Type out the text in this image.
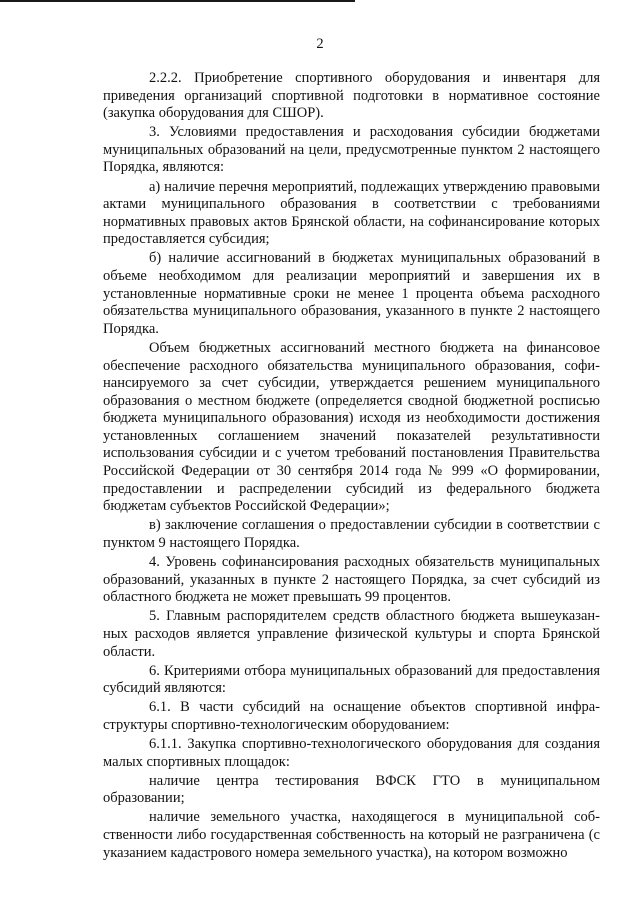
2

2.2.2. Приобретение спортивного оборудования и инвентаря для приведения организаций спортивной подготовки в нормативное состояние (закупка оборудования для СШОР).

3. Условиями предоставления и расходования субсидии бюджетами муниципальных образований на цели, предусмотренные пунктом 2 настоящего Порядка, являются:

а) наличие перечня мероприятий, подлежащих утверждению правовыми актами муниципального образования в соответствии с требованиями нормативных правовых актов Брянской области, на софинансирование которых предоставляется субсидия;

б) наличие ассигнований в бюджетах муниципальных образований в объеме необходимом для реализации мероприятий и завершения их в установленные нормативные сроки не менее 1 процента объема расходного обязательства муниципального образования, указанного в пункте 2 настоящего Порядка.

Объем бюджетных ассигнований местного бюджета на финансовое обеспечение расходного обязательства муниципального образования, софинансируемого за счет субсидии, утверждается решением муниципального образования о местном бюджете (определяется сводной бюджетной росписью бюджета муниципального образования) исходя из необходимости достижения установленных соглашением значений показателей результативности использования субсидии и с учетом требований постановления Правительства Российской Федерации от 30 сентября 2014 года № 999 «О формировании, предоставлении и распределении субсидий из федерального бюджета бюджетам субъектов Российской Федерации»;

в) заключение соглашения о предоставлении субсидии в соответствии с пунктом 9 настоящего Порядка.

4. Уровень софинансирования расходных обязательств муниципальных образований, указанных в пункте 2 настоящего Порядка, за счет субсидий из областного бюджета не может превышать 99 процентов.

5. Главным распорядителем средств областного бюджета вышеуказанных расходов является управление физической культуры и спорта Брянской области.

6. Критериями отбора муниципальных образований для предоставления субсидий являются:

6.1. В части субсидий на оснащение объектов спортивной инфраструктуры спортивно-технологическим оборудованием:

6.1.1. Закупка спортивно-технологического оборудования для создания малых спортивных площадок:

наличие центра тестирования ВФСК ГТО в муниципальном образовании;

наличие земельного участка, находящегося в муниципальной собственности либо государственная собственность на который не разграничена (с указанием кадастрового номера земельного участка), на котором возможно
